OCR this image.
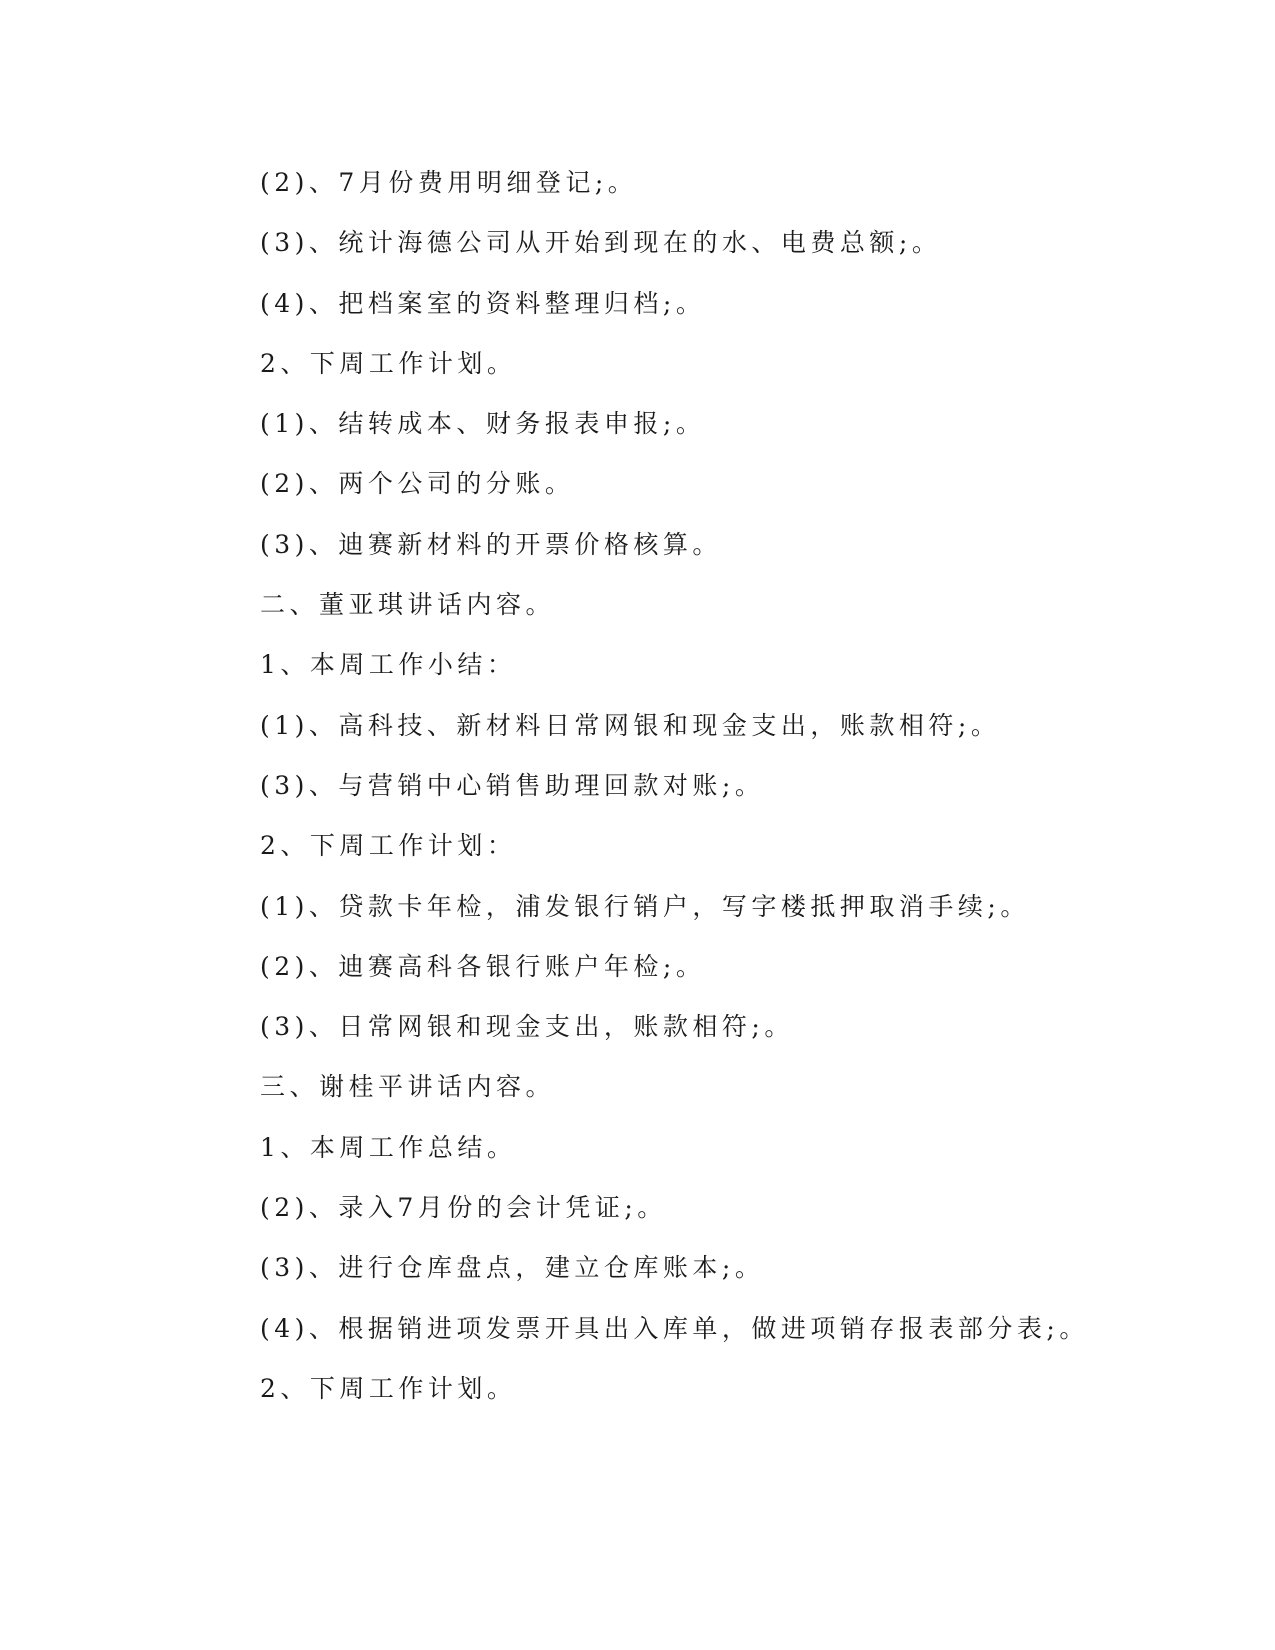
(2)、7月份费用明细登记;。
(3)、统计海德公司从开始到现在的水、电费总额;。
(4)、把档案室的资料整理归档;。
2、下周工作计划。
(1)、结转成本、财务报表申报;。
(2)、两个公司的分账。
(3)、迪赛新材料的开票价格核算。
二、董亚琪讲话内容。
1、本周工作小结：
(1)、高科技、新材料日常网银和现金支出，账款相符;。
(3)、与营销中心销售助理回款对账;。
2、下周工作计划：
(1)、贷款卡年检，浦发银行销户，写字楼抵押取消手续;。
(2)、迪赛高科各银行账户年检;。
(3)、日常网银和现金支出，账款相符;。
三、谢桂平讲话内容。
1、本周工作总结。
(2)、录入7月份的会计凭证;。
(3)、进行仓库盘点，建立仓库账本;。
(4)、根据销进项发票开具出入库单，做进项销存报表部分表;。
2、下周工作计划。
